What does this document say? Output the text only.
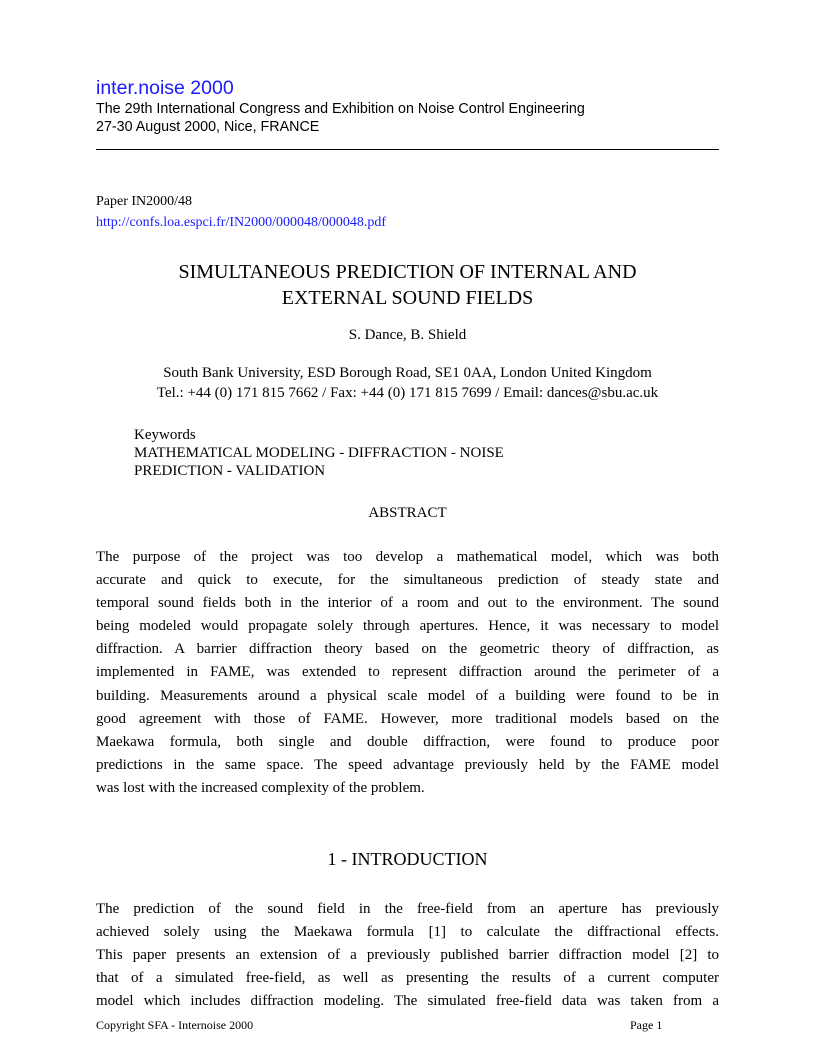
inter.noise 2000
The 29th International Congress and Exhibition on Noise Control Engineering
27-30 August 2000, Nice, FRANCE
Paper IN2000/48
http://confs.loa.espci.fr/IN2000/000048/000048.pdf
SIMULTANEOUS PREDICTION OF INTERNAL AND
EXTERNAL SOUND FIELDS
S. Dance, B. Shield
South Bank University, ESD Borough Road, SE1 0AA, London United Kingdom
Tel.: +44 (0) 171 815 7662 / Fax: +44 (0) 171 815 7699 / Email: dances@sbu.ac.uk
Keywords
MATHEMATICAL MODELING - DIFFRACTION - NOISE
PREDICTION - VALIDATION
ABSTRACT
The purpose of the project was too develop a mathematical model, which was both
accurate and quick to execute, for the simultaneous prediction of steady state and
temporal sound fields both in the interior of a room and out to the environment. The sound
being modeled would propagate solely through apertures. Hence, it was necessary to model
diffraction. A barrier diffraction theory based on the geometric theory of diffraction, as
implemented in FAME, was extended to represent diffraction around the perimeter of a
building. Measurements around a physical scale model of a building were found to be in
good agreement with those of FAME. However, more traditional models based on the
Maekawa formula, both single and double diffraction, were found to produce poor
predictions in the same space. The speed advantage previously held by the FAME model
was lost with the increased complexity of the problem.
1 - INTRODUCTION
The prediction of the sound field in the free-field from an aperture has previously
achieved solely using the Maekawa formula [1] to calculate the diffractional effects.
This paper presents an extension of a previously published barrier diffraction model [2] to
that of a simulated free-field, as well as presenting the results of a current computer
model which includes diffraction modeling. The simulated free-field data was taken from a
Copyright SFA - Internoise 2000	Page 1
